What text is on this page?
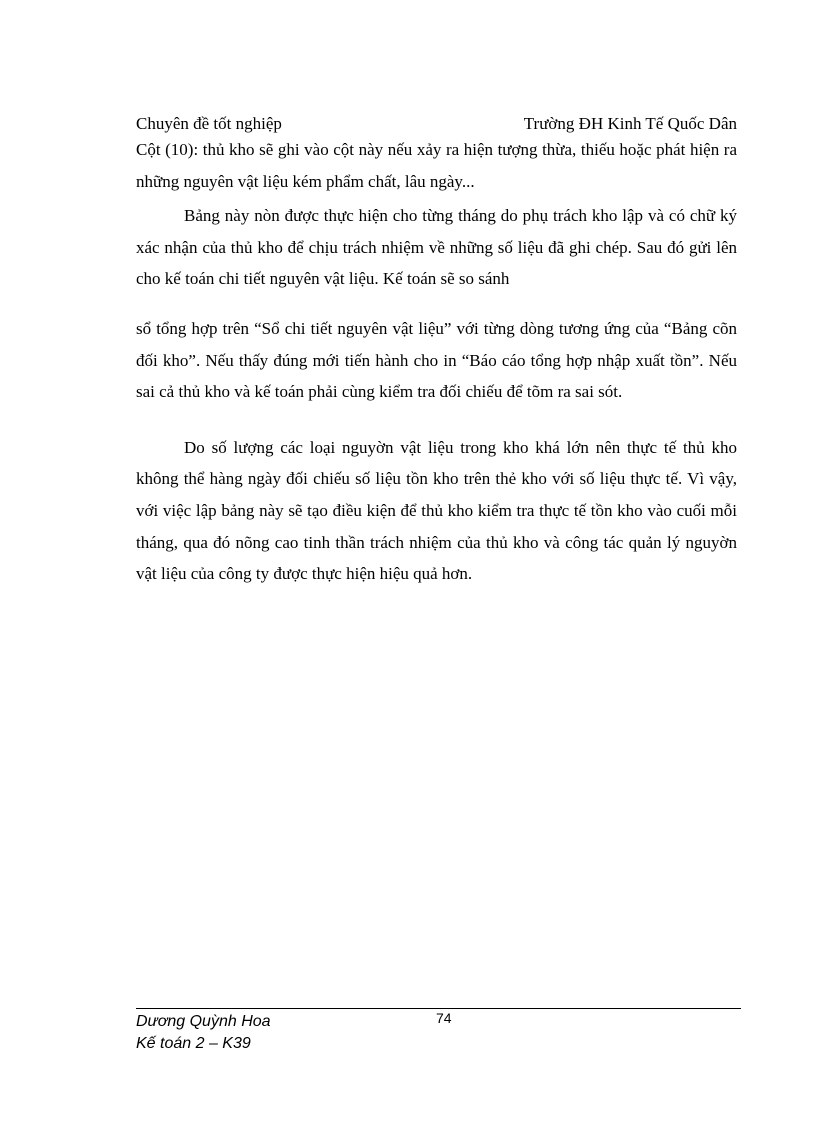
Chuyên đề tốt nghiệp	Trường ĐH Kinh Tế Quốc Dân

Cột (10): thủ kho sẽ ghi vào cột này nếu xảy ra hiện tượng thừa, thiếu hoặc phát hiện ra những nguyên vật liệu kém phẩm chất, lâu ngày...

Bảng này nòn được thực hiện cho từng tháng do phụ trách kho lập và có chữ ký xác nhận của thủ kho để chịu trách nhiệm về những số liệu đã ghi chép. Sau đó gửi lên cho kế toán chi tiết nguyên vật liệu. Kế toán sẽ so sánh

sổ tổng hợp trên “Sổ chi tiết nguyên vật liệu” với từng dòng tương ứng của “Bảng cõn đối kho”. Nếu thấy đúng mới tiến hành cho in “Báo cáo tổng hợp nhập xuất tồn”. Nếu sai cả thủ kho và kế toán phải cùng kiểm tra đối chiếu để tõm ra sai sót.

Do số lượng các loại nguyờn vật liệu trong kho khá lớn nên thực tế thủ kho không thể hàng ngày đối chiếu số liệu tồn kho trên thẻ kho với số liệu thực tế. Vì vậy, với việc lập bảng này sẽ tạo điều kiện để thủ kho kiểm tra thực tế tồn kho vào cuối mỗi tháng, qua đó nõng cao tinh thần trách nhiệm của thủ kho và công tác quản lý nguyờn vật liệu của công ty được thực hiện hiệu quả hơn.

Dương Quỳnh Hoa
Kế toán 2 – K39
74
